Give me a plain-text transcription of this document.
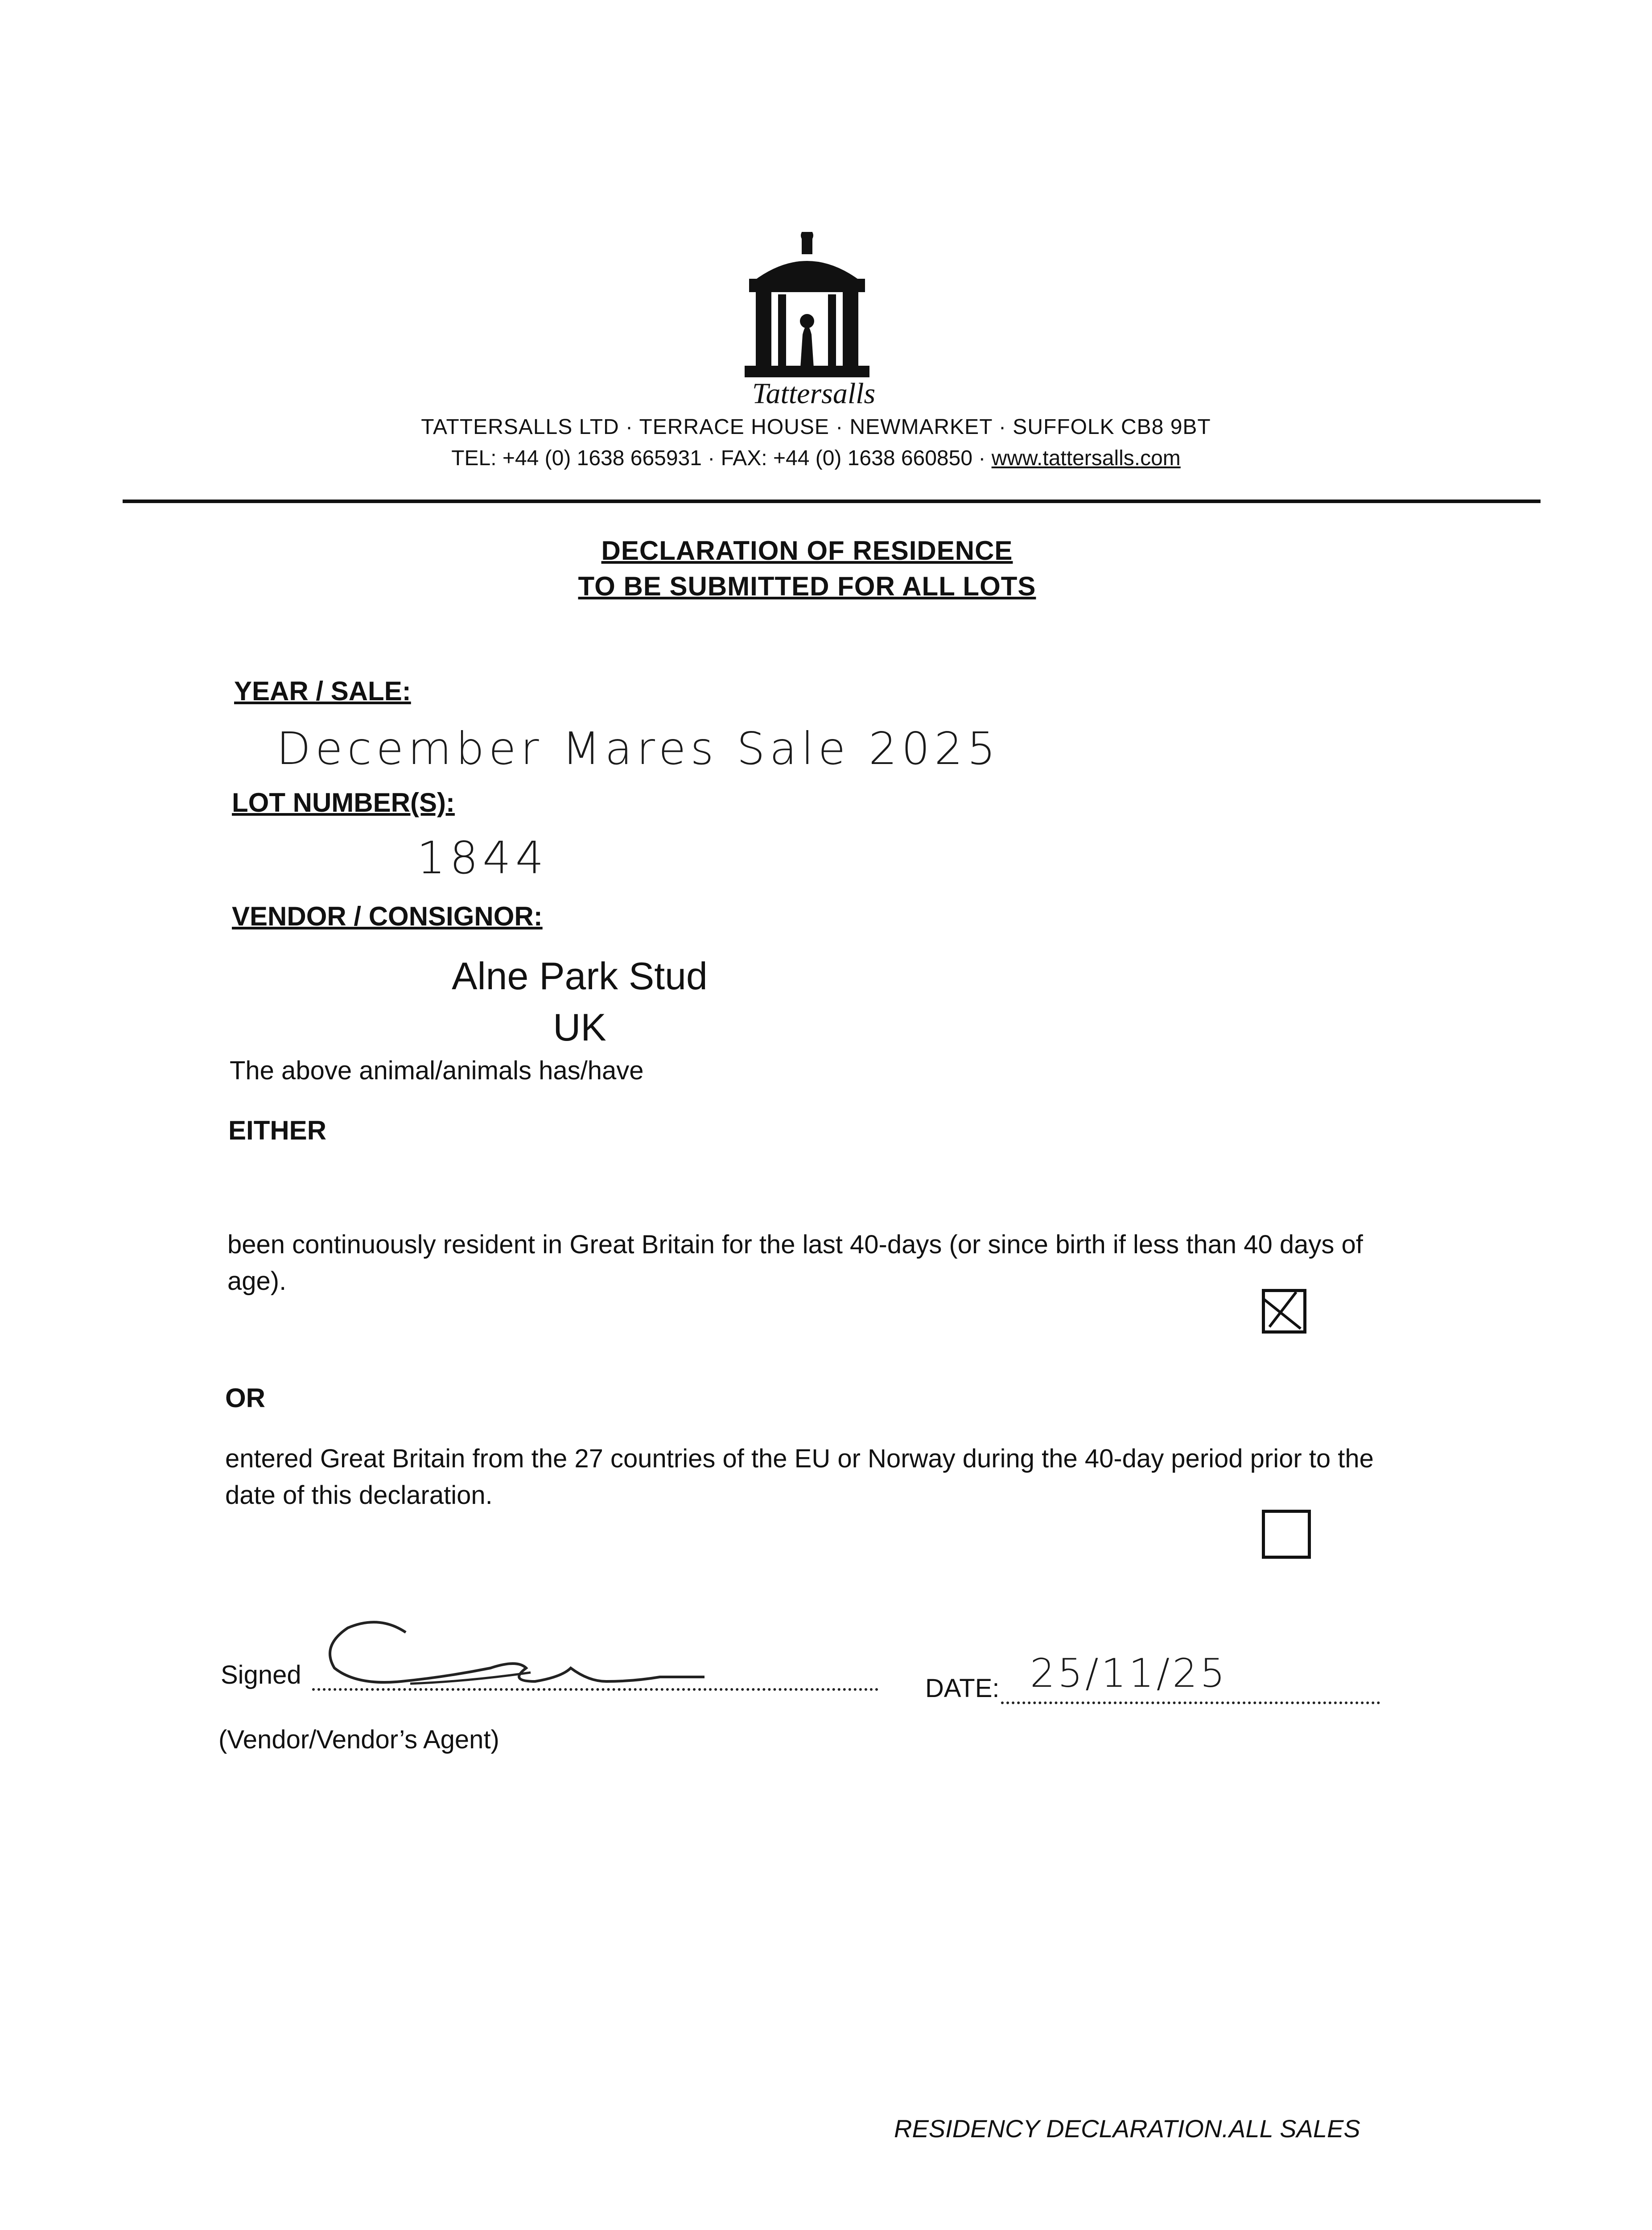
Tattersalls
TATTERSALLS LTD · TERRACE HOUSE · NEWMARKET · SUFFOLK CB8 9BT
TEL: +44 (0) 1638 665931 · FAX: +44 (0) 1638 660850 · www.tattersalls.com
DECLARATION OF RESIDENCE
TO BE SUBMITTED FOR ALL LOTS
YEAR / SALE:
December Mares Sale 2025
LOT NUMBER(S):
1844
VENDOR / CONSIGNOR:
Alne Park Stud
UK
The above animal/animals has/have
EITHER
been continuously resident in Great Britain for the last 40-days (or since birth if less than 40 days of age).
OR
entered Great Britain from the 27 countries of the EU or Norway during the 40-day period prior to the date of this declaration.
Signed
(Vendor/Vendor’s Agent)
DATE: 25/11/25
RESIDENCY DECLARATION.ALL SALES
